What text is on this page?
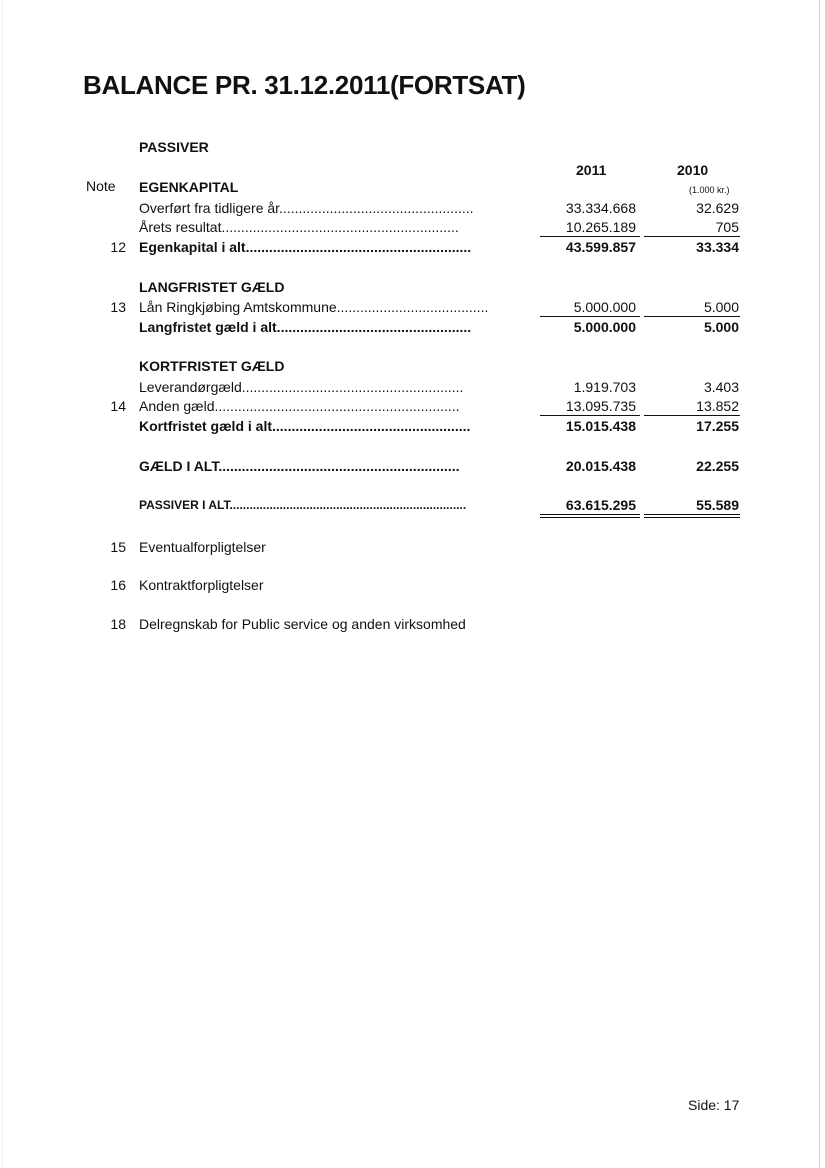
BALANCE PR. 31.12.2011(FORTSAT)
PASSIVER
2011	2010
Note EGENKAPITAL	(1.000 kr.)
Overført fra tidligere år..................................................	33.334.668	32.629
Årets resultat.............................................................	10.265.189	705
12 Egenkapital i alt..........................................................	43.599.857	33.334
LANGFRISTET GÆLD
13 Lån Ringkjøbing Amtskommune.......................................	5.000.000	5.000
Langfristet gæld i alt..................................................	5.000.000	5.000
KORTFRISTET GÆLD
Leverandørgæld.........................................................	1.919.703	3.403
14 Anden gæld...............................................................	13.095.735	13.852
Kortfristet gæld i alt...................................................	15.015.438	17.255
GÆLD I ALT..............................................................	20.015.438	22.255
PASSIVER I ALT.......................................................................	63.615.295	55.589
15 Eventualforpligtelser
16 Kontraktforpligtelser
18 Delregnskab for Public service og anden virksomhed
Side: 17
